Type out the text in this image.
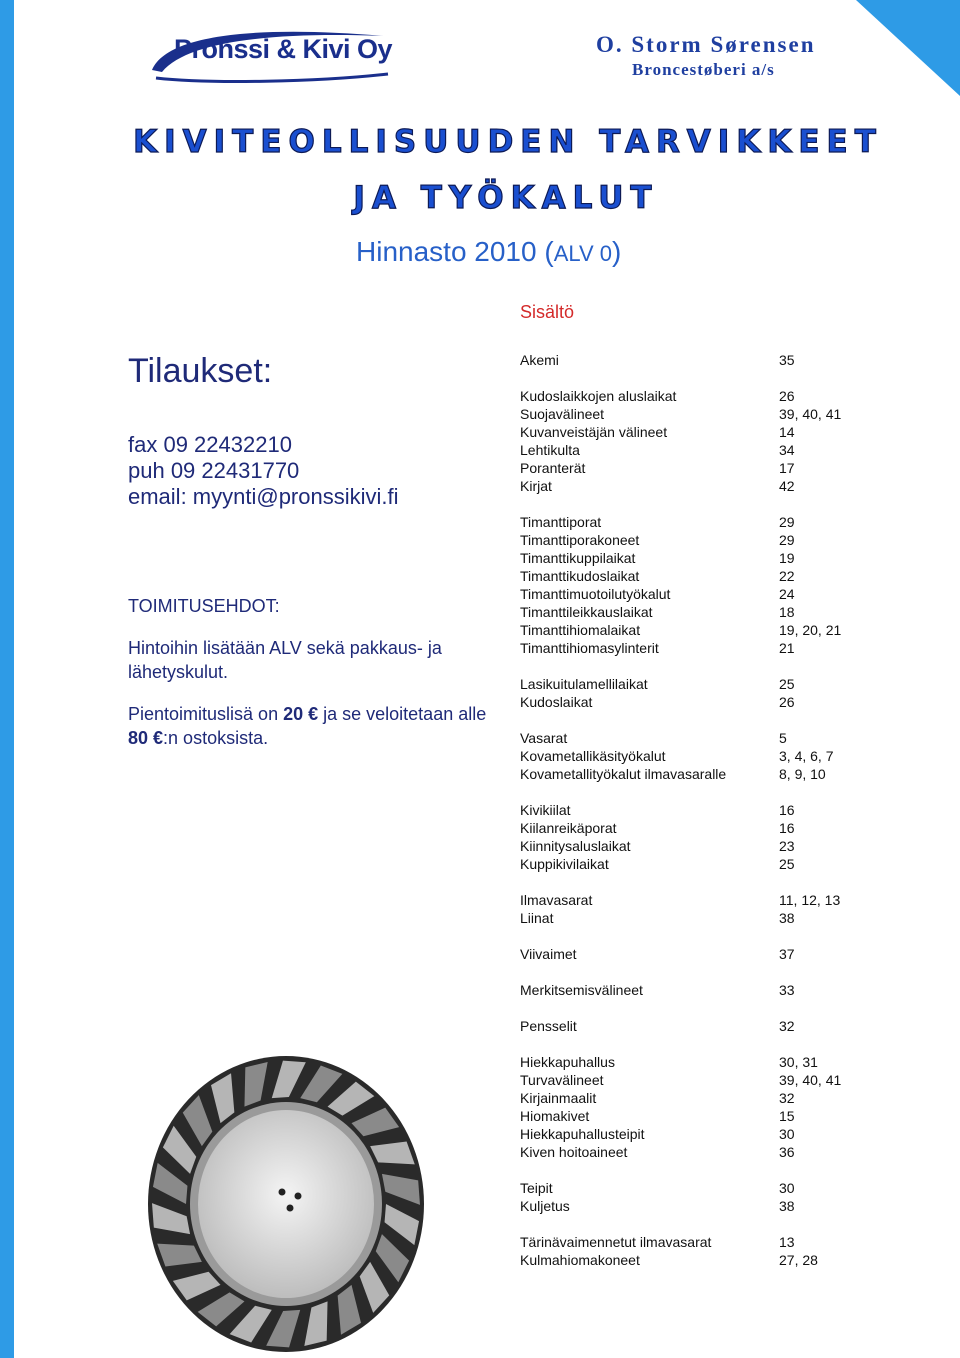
Pronssi & Kivi Oy	O. Storm Sørensen
Broncestøberi a/s
KIVITEOLLISUUDEN TARVIKKEET
JA TYÖKALUT
Hinnasto 2010 (ALV 0)
Sisältö
Tilaukset:
fax 09 22432210
puh 09 22431770
email: myynti@pronssikivi.fi
TOIMITUSEHDOT:
Hintoihin lisätään ALV sekä pakkaus- ja lähetyskulut.
Pientoimituslisä on 20 € ja se veloitetaan alle 80 €:n ostoksista.
Akemi	35
Kudoslaikkojen aluslaikat	26
Suojavälineet	39, 40, 41
Kuvanveistäjän välineet	14
Lehtikulta	34
Poranterät	17
Kirjat	42
Timanttiporat	29
Timanttiporakoneet	29
Timanttikuppilaikat	19
Timanttikudoslaikat	22
Timanttimuotoilutyökalut	24
Timanttileikkauslaikat	18
Timanttihiomalaikat	19, 20, 21
Timanttihiomasylinterit	21
Lasikuitulamellilaikat	25
Kudoslaikat	26
Vasarat	5
Kovametallikäsityökalut	3, 4, 6, 7
Kovametallityökalut ilmavasaralle	8, 9, 10
Kivikiilat	16
Kiilanreikäporat	16
Kiinnitysaluslaikat	23
Kuppikivilaikat	25
Ilmavasarat	11, 12, 13
Liinat	38
Viivaimet	37
Merkitsemisvälineet	33
Pensselit	32
Hiekkapuhallus	30, 31
Turvavälineet	39, 40, 41
Kirjainmaalit	32
Hiomakivet	15
Hiekkapuhallusteipit	30
Kiven hoitoaineet	36
Teipit	30
Kuljetus	38
Tärinävaimennetut ilmavasarat	13
Kulmahiomakoneet	27, 28
